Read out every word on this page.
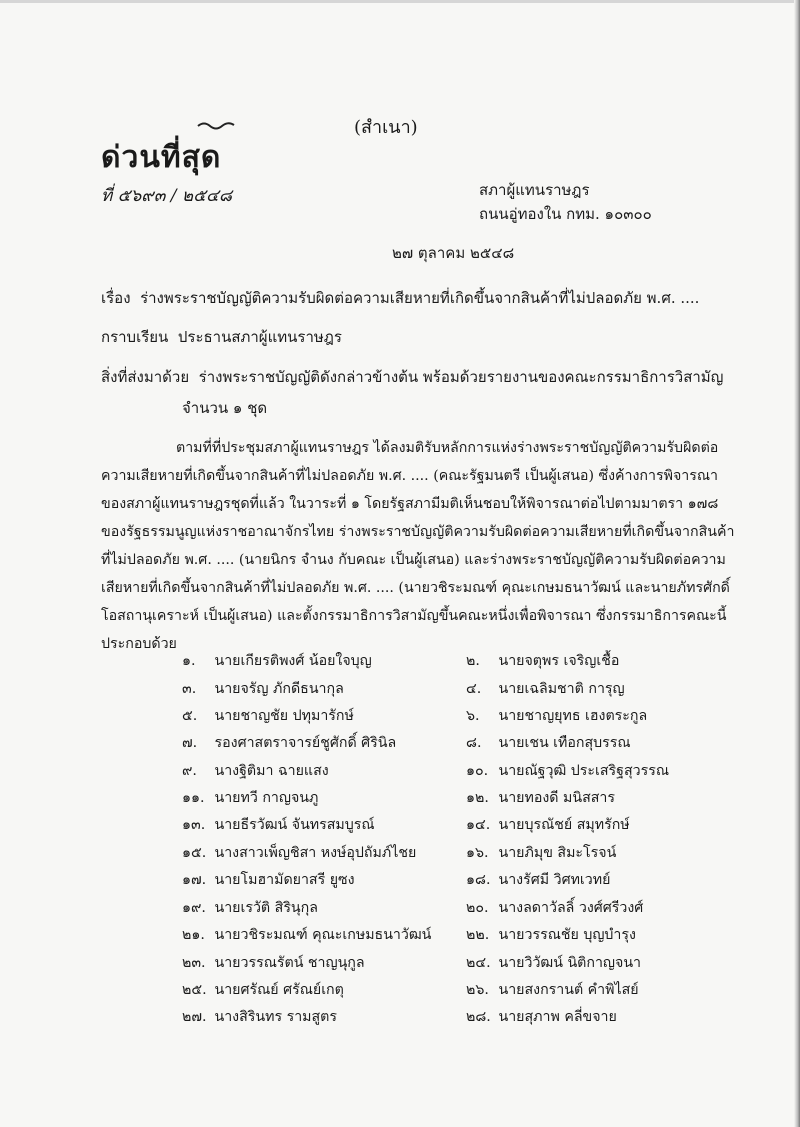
(สำเนา)
ด่วนที่สุด
ที่ ๕๖๙๓ / ๒๕๔๘	สภาผู้แทนราษฎร
ถนนอู่ทองใน กทม. ๑๐๓๐๐
๒๗ ตุลาคม ๒๕๔๘
เรื่อง ร่างพระราชบัญญัติความรับผิดต่อความเสียหายที่เกิดขึ้นจากสินค้าที่ไม่ปลอดภัย พ.ศ. ....
กราบเรียน ประธานสภาผู้แทนราษฎร
สิ่งที่ส่งมาด้วย ร่างพระราชบัญญัติดังกล่าวข้างต้น พร้อมด้วยรายงานของคณะกรรมาธิการวิสามัญ
จำนวน ๑ ชุด
ตามที่ที่ประชุมสภาผู้แทนราษฎร ได้ลงมติรับหลักการแห่งร่างพระราชบัญญัติความรับผิดต่อ
ความเสียหายที่เกิดขึ้นจากสินค้าที่ไม่ปลอดภัย พ.ศ. .... (คณะรัฐมนตรี เป็นผู้เสนอ) ซึ่งค้างการพิจารณา
ของสภาผู้แทนราษฎรชุดที่แล้ว ในวาระที่ ๑ โดยรัฐสภามีมติเห็นชอบให้พิจารณาต่อไปตามมาตรา ๑๗๘
ของรัฐธรรมนูญแห่งราชอาณาจักรไทย ร่างพระราชบัญญัติความรับผิดต่อความเสียหายที่เกิดขึ้นจากสินค้า
ที่ไม่ปลอดภัย พ.ศ. .... (นายนิกร จำนง กับคณะ เป็นผู้เสนอ) และร่างพระราชบัญญัติความรับผิดต่อความ
เสียหายที่เกิดขึ้นจากสินค้าที่ไม่ปลอดภัย พ.ศ. .... (นายวชิระมณฑ์ คุณะเกษมธนาวัฒน์ และนายภัทรศักดิ์
โอสถานุเคราะห์ เป็นผู้เสนอ) และตั้งกรรมาธิการวิสามัญขึ้นคณะหนึ่งเพื่อพิจารณา ซึ่งกรรมาธิการคณะนี้
ประกอบด้วย
๑. นายเกียรติพงศ์ น้อยใจบุญ
๓. นายจรัญ ภักดีธนากุล
๕. นายชาญชัย ปทุมารักษ์
๗. รองศาสตราจารย์ชูศักดิ์ ศิรินิล
๙. นางฐิติมา ฉายแสง
๑๑. นายทวี กาญจนภู
๑๓. นายธีรวัฒน์ จันทรสมบูรณ์
๑๕. นางสาวเพ็ญชิสา หงษ์อุปถัมภ์ไชย
๑๗. นายโมฮามัดยาสรี ยูซง
๑๙. นายเรวัติ สิรินุกุล
๒๑. นายวชิระมณฑ์ คุณะเกษมธนาวัฒน์
๒๓. นายวรรณรัตน์ ชาญนุกูล
๒๕. นายศรัณย์ ศรัณย์เกตุ
๒๗. นางสิรินทร รามสูตร
๒. นายจตุพร เจริญเชื้อ
๔. นายเฉลิมชาติ การุญ
๖. นายชาญยุทธ เฮงตระกูล
๘. นายเชน เทือกสุบรรณ
๑๐. นายณัฐวุฒิ ประเสริฐสุวรรณ
๑๒. นายทองดี มนิสสาร
๑๔. นายบุรณัชย์ สมุทรักษ์
๑๖. นายภิมุข สิมะโรจน์
๑๘. นางรัศมี วิศทเวทย์
๒๐. นางลดาวัลลิ์ วงศ์ศรีวงศ์
๒๒. นายวรรณชัย บุญบำรุง
๒๔. นายวิวัฒน์ นิติกาญจนา
๒๖. นายสงกรานต์ คำพิไสย์
๒๘. นายสุภาพ คลี่ขจาย
